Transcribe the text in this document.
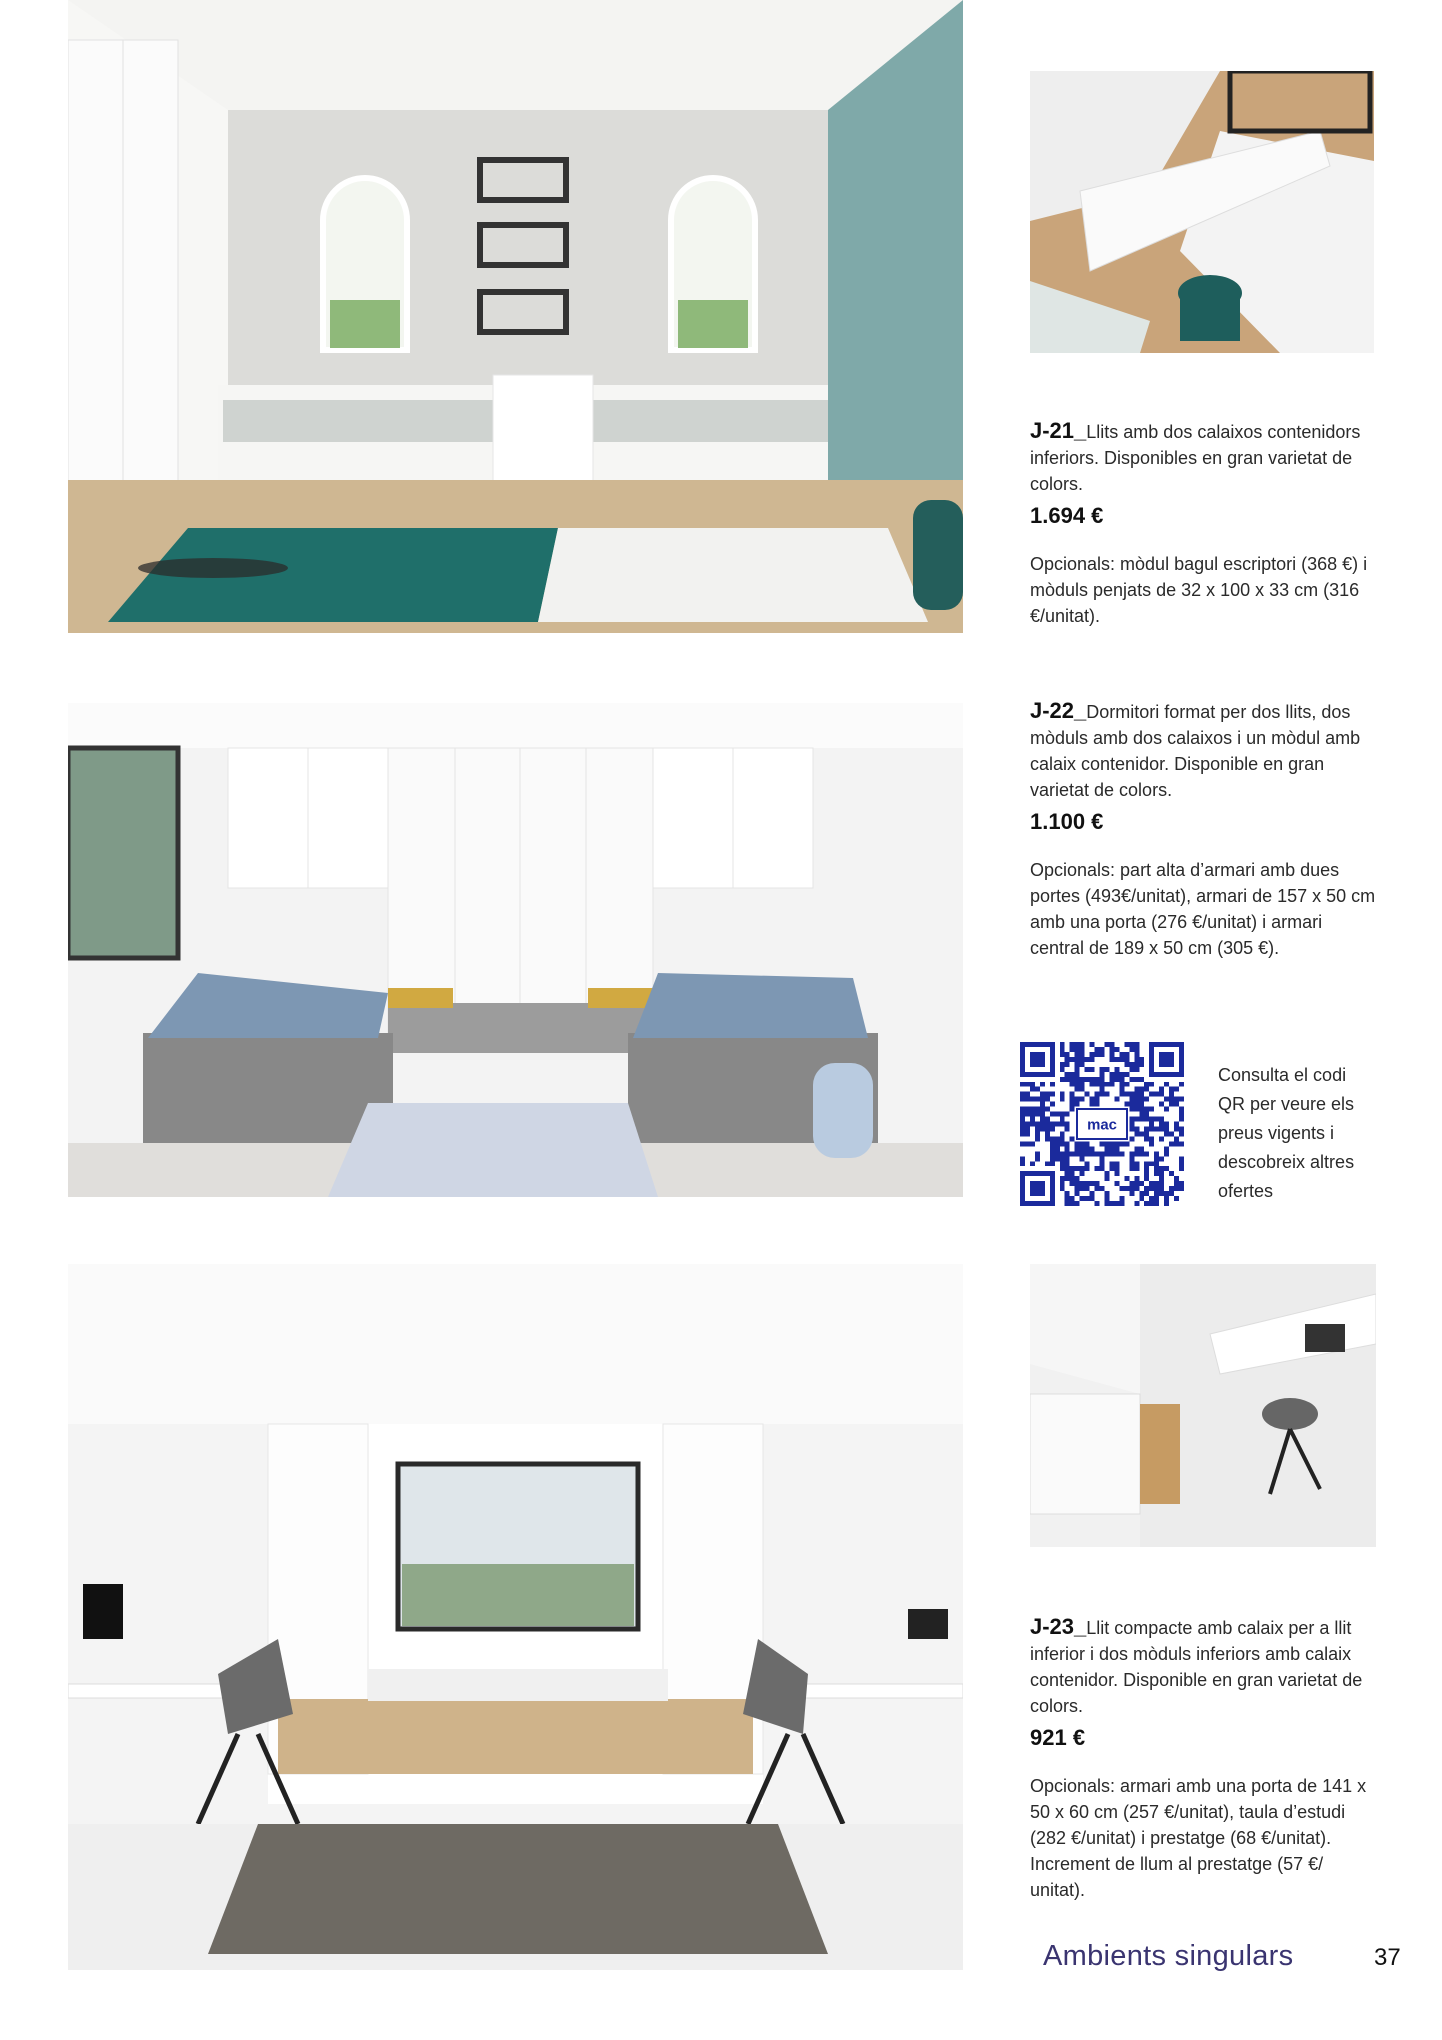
J-21_Llits amb dos calaixos contenidors inferiors. Disponibles en gran varietat de colors.
1.694 €
Opcionals: mòdul bagul escriptori (368 €) i mòduls penjats de 32 x 100 x 33 cm (316 €/unitat).
J-22_Dormitori format per dos llits, dos mòduls amb dos calaixos i un mòdul amb calaix contenidor. Disponible en gran varietat de colors.
1.100 €
Opcionals: part alta d’armari amb dues portes (493€/unitat), armari de 157 x 50 cm amb una porta (276 €/unitat) i armari central de 189 x 50 cm (305 €).
mac
Consulta el codi QR per veure els preus vigents i descobreix altres ofertes
J-23_Llit compacte amb calaix per a llit inferior i dos mòduls inferiors amb calaix contenidor. Disponible en gran varietat de colors.
921 €
Opcionals: armari amb una porta de 141 x 50 x 60 cm (257 €/unitat), taula d’estudi (282 €/unitat) i prestatge (68 €/unitat). Increment de llum al prestatge (57 €/ unitat).
Ambients singulars	37
